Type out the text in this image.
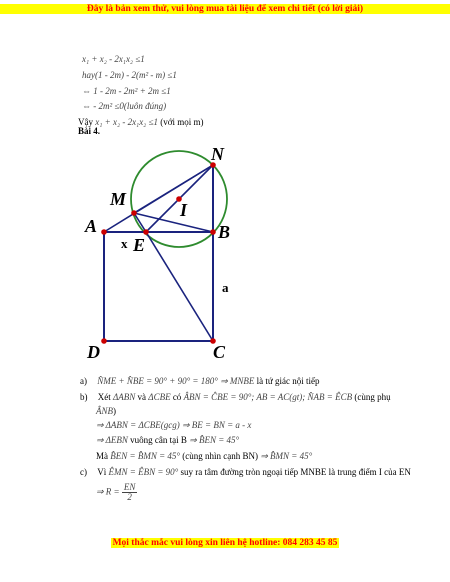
Đây là bản xem thử, vui lòng mua tài liệu để xem chi tiết (có lời giải)
x₁ + x₂ - 2x₁x₂ ≤1
hay(1 - 2m) - 2(m² - m) ≤1
⇔ 1 - 2m - 2m² + 2m ≤1
⇔ - 2m² ≤0(luôn đúng)
Vậy x₁ + x₂ - 2x₁x₂ ≤1 (với mọi m)
Bài 4.
N
M
I
A
E
B
D	C
x
a
a) N̂ME + N̂BE = 90° + 90° = 180° ⇒ MNBE là tứ giác nội tiếp
b) Xét ΔABN và ΔCBE có ÂBN = ĈBE = 90°; AB = AC(gt); N̂AB = ÊCB (cùng phụ
ÂNB)
⇒ ΔABN = ΔCBE(gcg) ⇒ BE = BN = a - x
⇒ ΔEBN vuông cân tại B ⇒ B̂EN = 45°
Mà B̂EN = B̂MN = 45° (cùng nhìn cạnh BN) ⇒ B̂MN = 45°
c) Vì ÊMN = ÊBN = 90° suy ra tâm đường tròn ngoại tiếp MNBE là trung điểm I của EN
⇒ $R = \frac{EN}{2}$
Mọi thắc mắc vui lòng xin liên hệ hotline: 084 283 45 85
